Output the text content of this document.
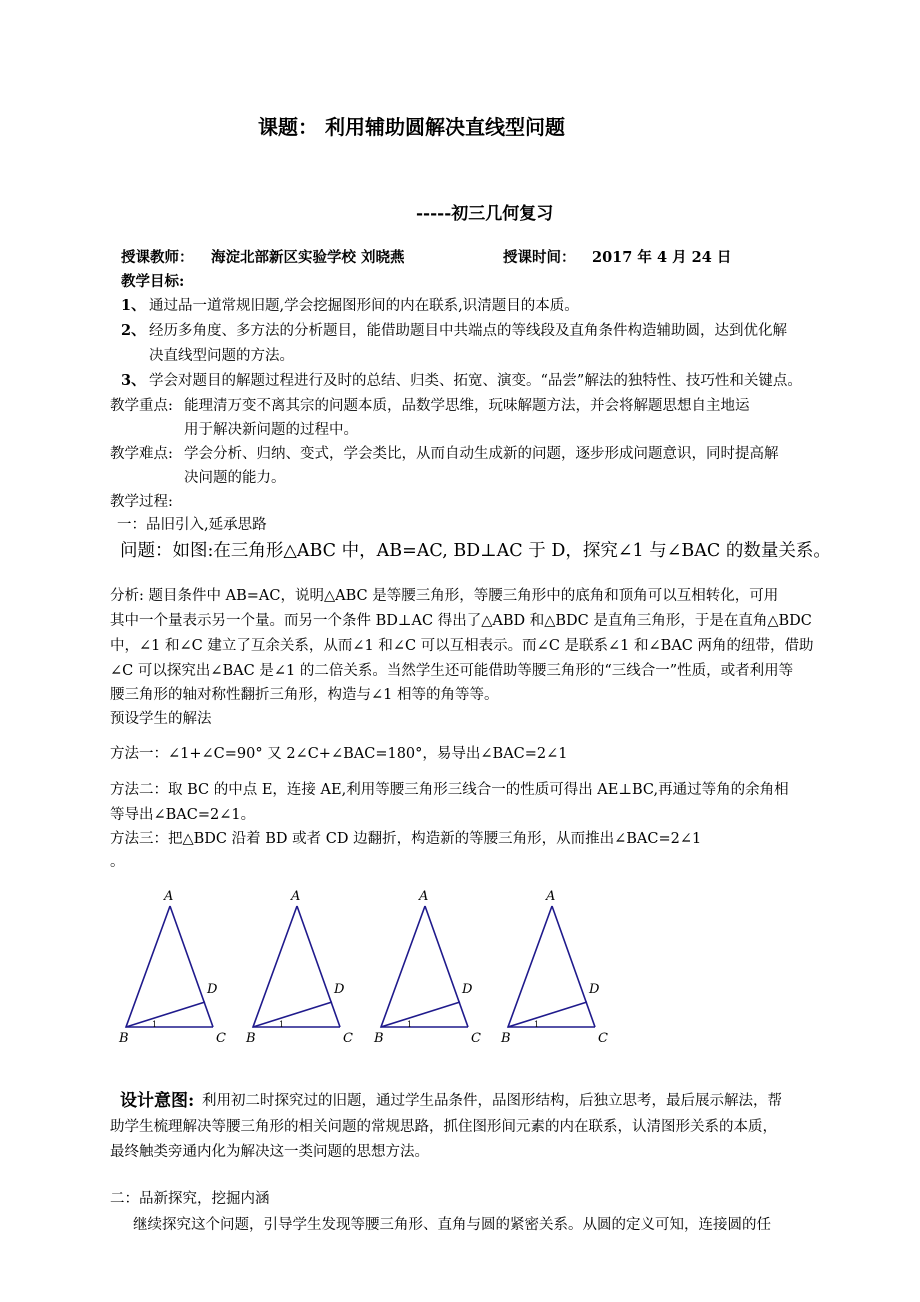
课题： 利用辅助圆解决直线型问题
-----初三几何复习
授课教师： 海淀北部新区实验学校 刘晓燕	授课时间： 2017 年 4 月 24 日
教学目标:
1、 通过品一道常规旧题,学会挖掘图形间的内在联系,识清题目的本质。
2、 经历多角度、多方法的分析题目，能借助题目中共端点的等线段及直角条件构造辅助圆，达到优化解
决直线型问题的方法。
3、 学会对题目的解题过程进行及时的总结、归类、拓宽、演变。“品尝”解法的独特性、技巧性和关键点。
教学重点: 能理清万变不离其宗的问题本质，品数学思维，玩味解题方法，并会将解题思想自主地运
用于解决新问题的过程中。
教学难点: 学会分析、归纳、变式，学会类比，从而自动生成新的问题，逐步形成问题意识，同时提高解
决问题的能力。
教学过程:
一：品旧引入,延承思路
问题：如图:在三角形△ABC 中，AB=AC, BD⊥AC 于 D，探究∠1 与∠BAC 的数量关系。
分析: 题目条件中 AB=AC，说明△ABC 是等腰三角形，等腰三角形中的底角和顶角可以互相转化，可用
其中一个量表示另一个量。而另一个条件 BD⊥AC 得出了△ABD 和△BDC 是直角三角形，于是在直角△BDC
中，∠1 和∠C 建立了互余关系，从而∠1 和∠C 可以互相表示。而∠C 是联系∠1 和∠BAC 两角的纽带，借助
∠C 可以探究出∠BAC 是∠1 的二倍关系。当然学生还可能借助等腰三角形的“三线合一”性质，或者利用等
腰三角形的轴对称性翻折三角形，构造与∠1 相等的角等等。
预设学生的解法
方法一：∠1+∠C=90° 又 2∠C+∠BAC=180°，易导出∠BAC=2∠1
方法二：取 BC 的中点 E，连接 AE,利用等腰三角形三线合一的性质可得出 AE⊥BC,再通过等角的余角相
等导出∠BAC=2∠1。
方法三：把△BDC 沿着 BD 或者 CD 边翻折，构造新的等腰三角形，从而推出∠BAC=2∠1
。
A
B	C
D
1
A
B	C
D
1
A
B	C
D
1
A
B	C
D
1
设计意图: 利用初二时探究过的旧题，通过学生品条件，品图形结构，后独立思考，最后展示解法，帮
助学生梳理解决等腰三角形的相关问题的常规思路，抓住图形间元素的内在联系，认清图形关系的本质，
最终触类旁通内化为解决这一类问题的思想方法。
二：品新探究，挖掘内涵
继续探究这个问题，引导学生发现等腰三角形、直角与圆的紧密关系。从圆的定义可知，连接圆的任
